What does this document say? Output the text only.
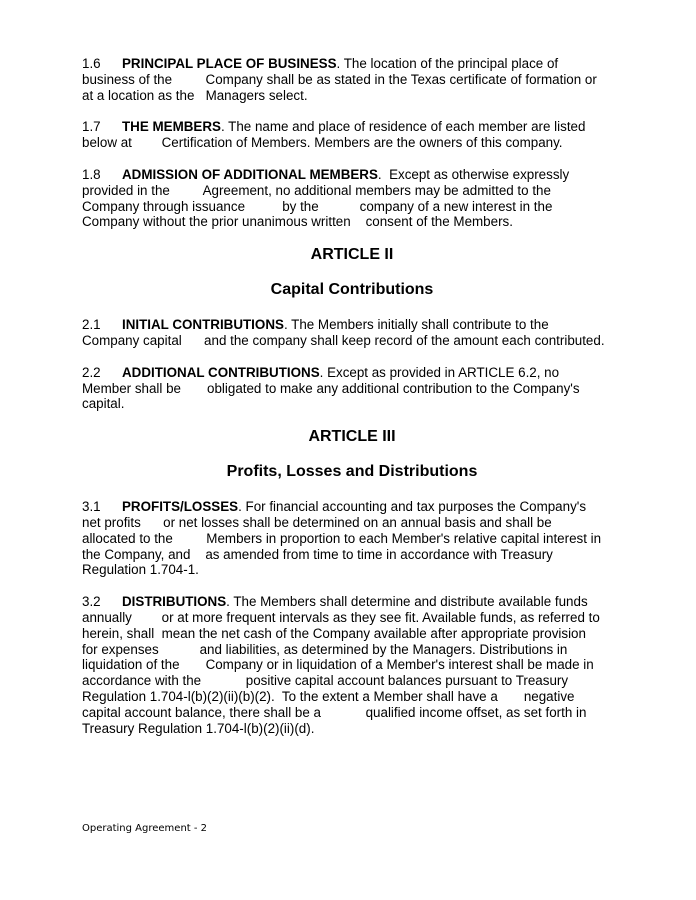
1.6 PRINCIPAL PLACE OF BUSINESS. The location of the principal place of
business of the         Company shall be as stated in the Texas certificate of formation or
at a location as the   Managers select.
1.7 THE MEMBERS. The name and place of residence of each member are listed
below at        Certification of Members. Members are the owners of this company.
1.8 ADMISSION OF ADDITIONAL MEMBERS.  Except as otherwise expressly
provided in the         Agreement, no additional members may be admitted to the
Company through issuance          by the           company of a new interest in the
Company without the prior unanimous written    consent of the Members.
ARTICLE II
Capital Contributions
2.1 INITIAL CONTRIBUTIONS. The Members initially shall contribute to the
Company capital      and the company shall keep record of the amount each contributed.
2.2 ADDITIONAL CONTRIBUTIONS. Except as provided in ARTICLE 6.2, no
Member shall be       obligated to make any additional contribution to the Company's
capital.
ARTICLE III
Profits, Losses and Distributions
3.1 PROFITS/LOSSES. For financial accounting and tax purposes the Company's
net profits      or net losses shall be determined on an annual basis and shall be
allocated to the         Members in proportion to each Member's relative capital interest in
the Company, and    as amended from time to time in accordance with Treasury
Regulation 1.704-1.
3.2 DISTRIBUTIONS. The Members shall determine and distribute available funds
annually        or at more frequent intervals as they see fit. Available funds, as referred to
herein, shall  mean the net cash of the Company available after appropriate provision
for expenses           and liabilities, as determined by the Managers. Distributions in
liquidation of the       Company or in liquidation of a Member's interest shall be made in
accordance with the            positive capital account balances pursuant to Treasury
Regulation 1.704-l(b)(2)(ii)(b)(2).  To the extent a Member shall have a       negative
capital account balance, there shall be a            qualified income offset, as set forth in
Treasury Regulation 1.704-l(b)(2)(ii)(d).
Operating Agreement - 2
